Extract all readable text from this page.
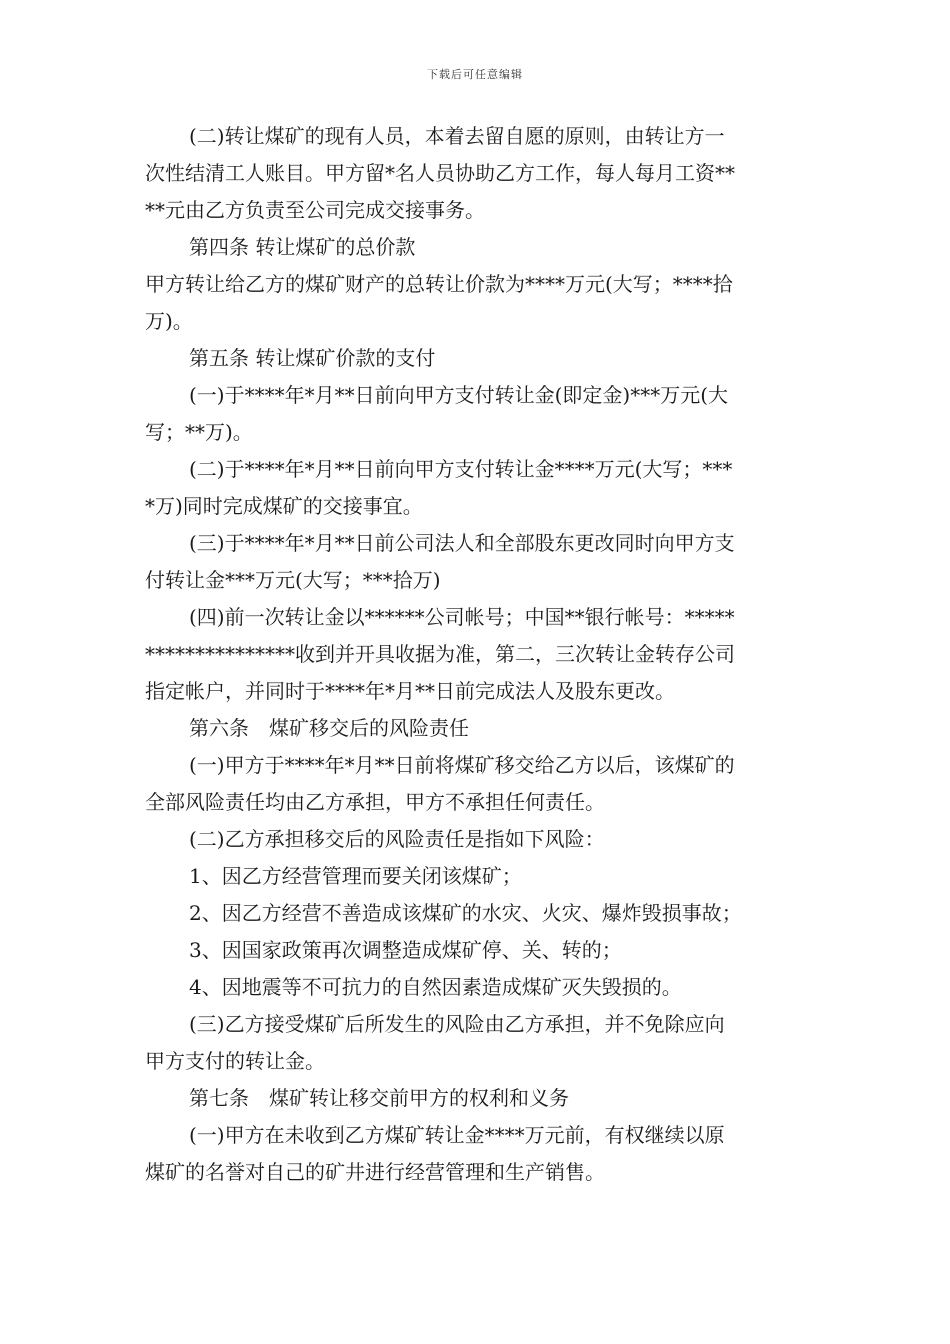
下载后可任意编辑
(二)转让煤矿的现有人员，本着去留自愿的原则，由转让方一
次性结清工人账目。甲方留*名人员协助乙方工作，每人每月工资**
**元由乙方负责至公司完成交接事务。
第四条 转让煤矿的总价款
甲方转让给乙方的煤矿财产的总转让价款为****万元(大写；****拾
万)。
第五条 转让煤矿价款的支付
(一)于****年*月**日前向甲方支付转让金(即定金)***万元(大
写；**万)。
(二)于****年*月**日前向甲方支付转让金****万元(大写；***
*万)同时完成煤矿的交接事宜。
(三)于****年*月**日前公司法人和全部股东更改同时向甲方支
付转让金***万元(大写；***拾万)
(四)前一次转让金以******公司帐号；中国**银行帐号：*****
***************收到并开具收据为准，第二，三次转让金转存公司
指定帐户，并同时于****年*月**日前完成法人及股东更改。
第六条　煤矿移交后的风险责任
(一)甲方于****年*月**日前将煤矿移交给乙方以后，该煤矿的
全部风险责任均由乙方承担，甲方不承担任何责任。
(二)乙方承担移交后的风险责任是指如下风险：
1、因乙方经营管理而要关闭该煤矿；
2、因乙方经营不善造成该煤矿的水灾、火灾、爆炸毁损事故；
3、因国家政策再次调整造成煤矿停、关、转的；
4、因地震等不可抗力的自然因素造成煤矿灭失毁损的。
(三)乙方接受煤矿后所发生的风险由乙方承担，并不免除应向
甲方支付的转让金。
第七条　煤矿转让移交前甲方的权利和义务
(一)甲方在未收到乙方煤矿转让金****万元前，有权继续以原
煤矿的名誉对自己的矿井进行经营管理和生产销售。
